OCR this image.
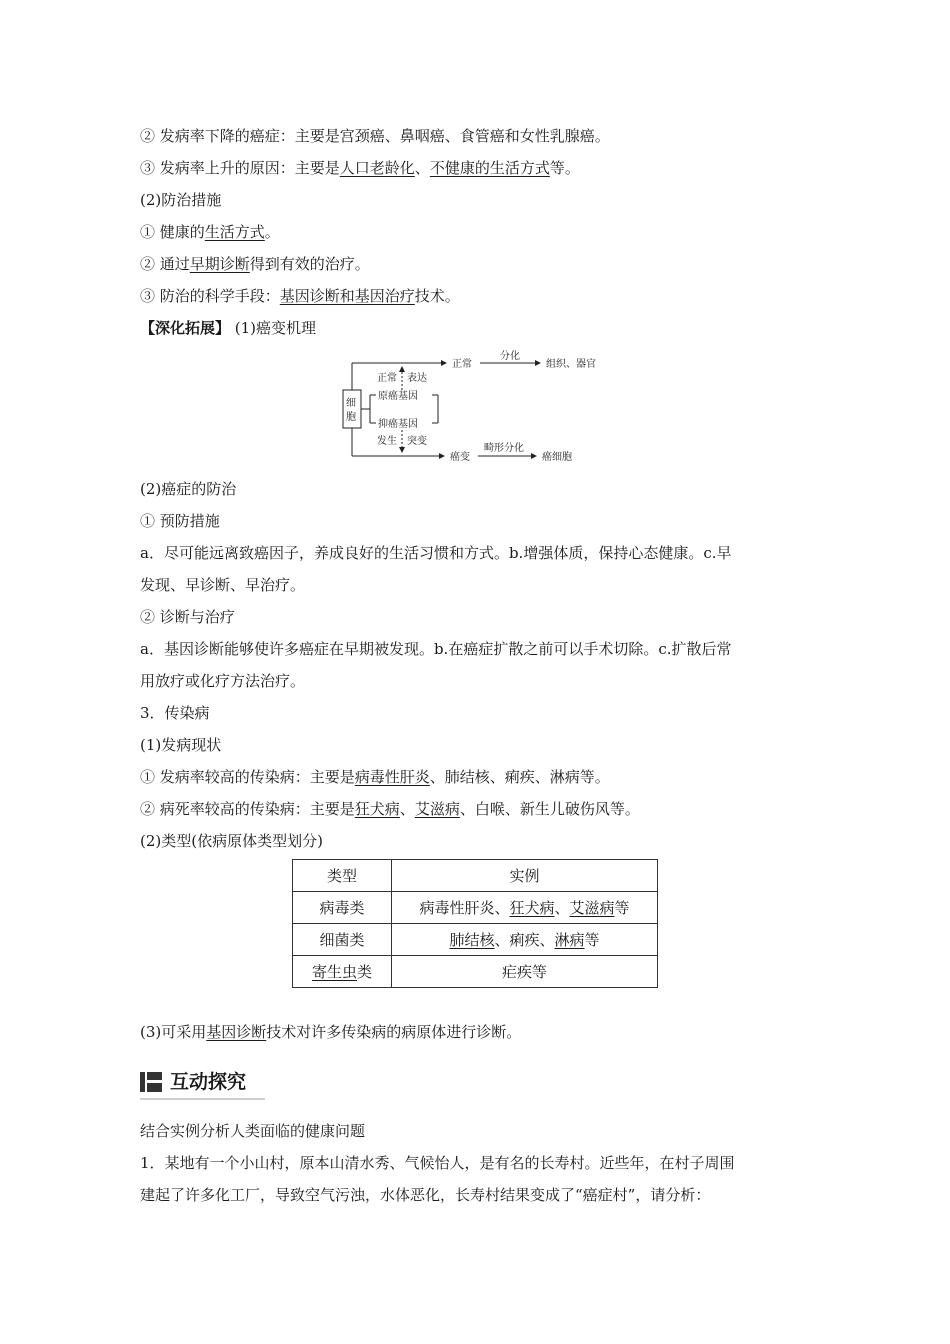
② 发病率下降的癌症：主要是宫颈癌、鼻咽癌、食管癌和女性乳腺癌。
③ 发病率上升的原因：主要是人口老龄化、不健康的生活方式等。
(2)防治措施
① 健康的生活方式。
② 通过早期诊断得到有效的治疗。
③ 防治的科学手段：基因诊断和基因治疗技术。
【深化拓展】 (1)癌变机理
细
胞
正常
分化
组织、器官
正常 表达
原癌基因
抑癌基因
发生 突变
癌变
畸形分化
癌细胞
(2)癌症的防治
① 预防措施
a．尽可能远离致癌因子，养成良好的生活习惯和方式。b.增强体质，保持心态健康。c.早
发现、早诊断、早治疗。
② 诊断与治疗
a．基因诊断能够使许多癌症在早期被发现。b.在癌症扩散之前可以手术切除。c.扩散后常
用放疗或化疗方法治疗。
3．传染病
(1)发病现状
① 发病率较高的传染病：主要是病毒性肝炎、肺结核、痢疾、淋病等。
② 病死率较高的传染病：主要是狂犬病、艾滋病、白喉、新生儿破伤风等。
(2)类型(依病原体类型划分)
类型	实例
病毒类	病毒性肝炎、狂犬病、艾滋病等
细菌类	肺结核、痢疾、淋病等
寄生虫类	疟疾等
(3)可采用基因诊断技术对许多传染病的病原体进行诊断。
互动探究
结合实例分析人类面临的健康问题
1．某地有一个小山村，原本山清水秀、气候怡人，是有名的长寿村。近些年，在村子周围
建起了许多化工厂，导致空气污浊，水体恶化，长寿村结果变成了“癌症村”，请分析：
